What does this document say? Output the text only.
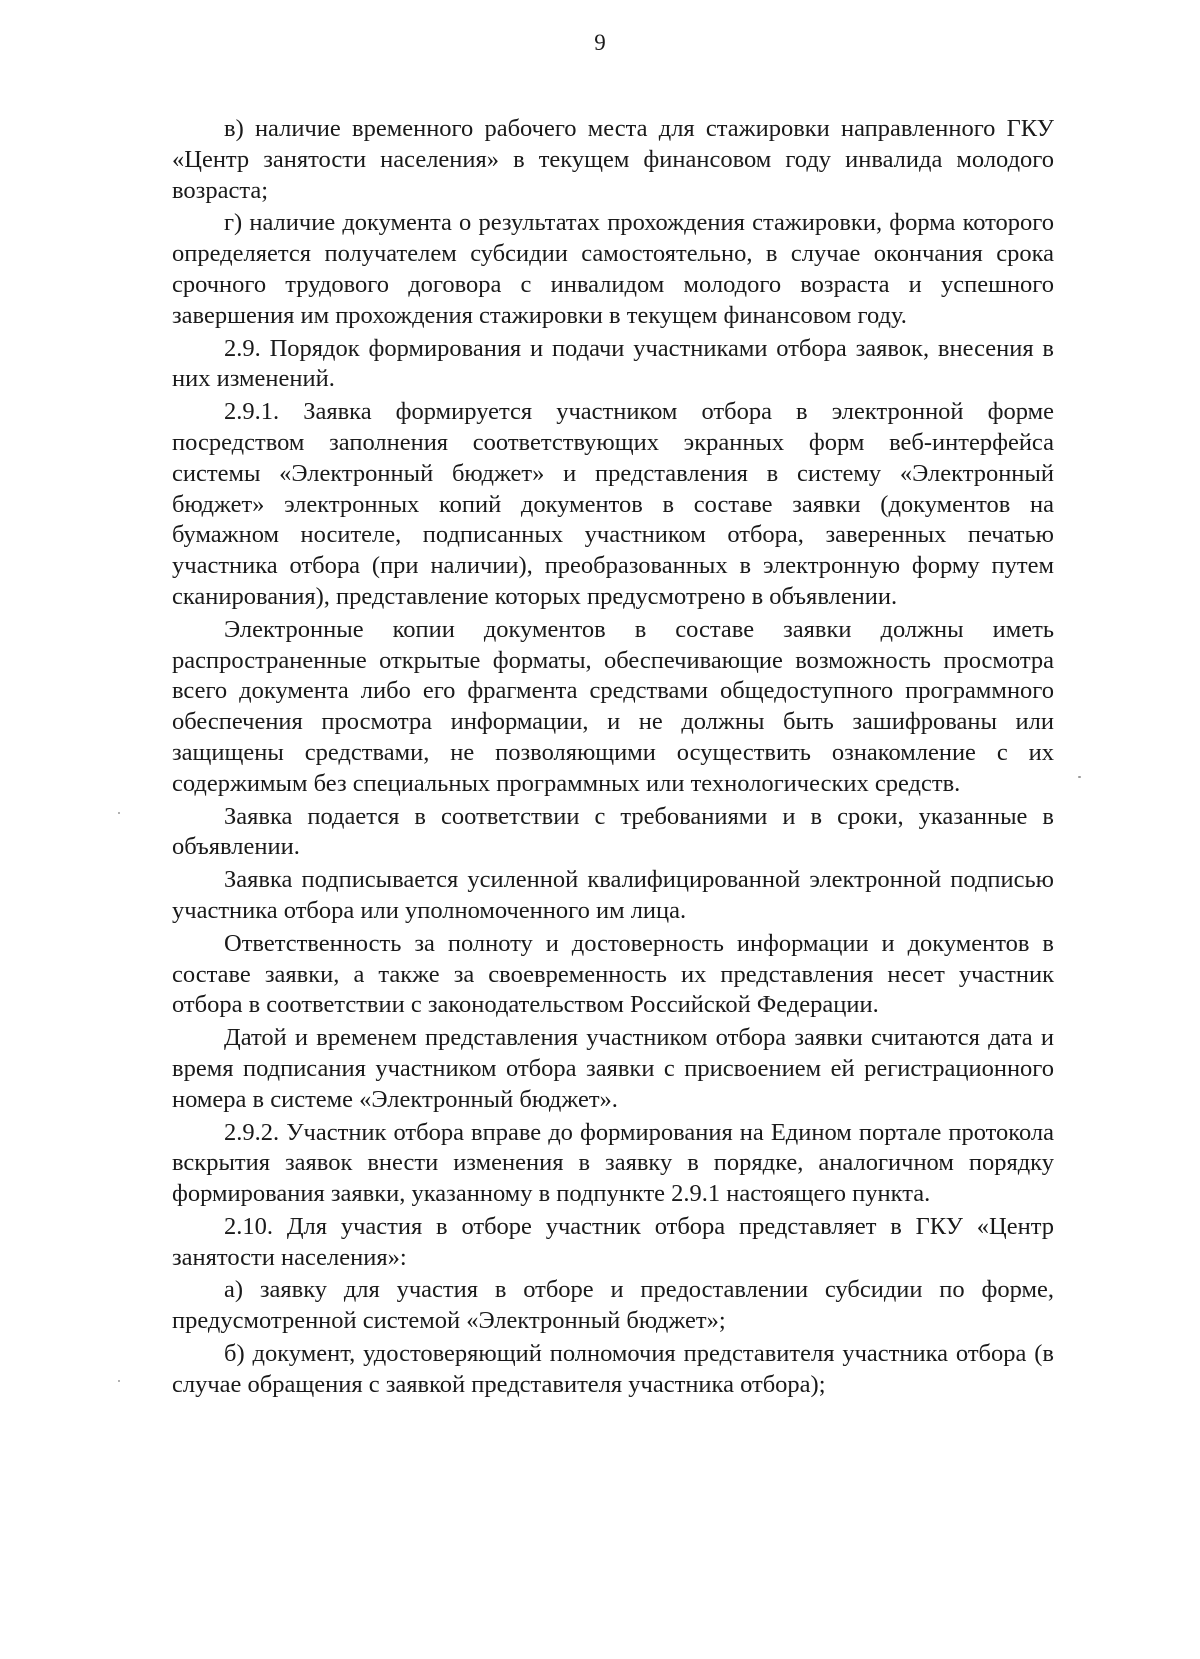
9

в) наличие временного рабочего места для стажировки направленного ГКУ «Центр занятости населения» в текущем финансовом году инвалида молодого возраста;

г) наличие документа о результатах прохождения стажировки, форма которого определяется получателем субсидии самостоятельно, в случае окончания срока срочного трудового договора с инвалидом молодого возраста и успешного завершения им прохождения стажировки в текущем финансовом году.

2.9. Порядок формирования и подачи участниками отбора заявок, внесения в них изменений.

2.9.1. Заявка формируется участником отбора в электронной форме посредством заполнения соответствующих экранных форм веб-интерфейса системы «Электронный бюджет» и представления в систему «Электронный бюджет» электронных копий документов в составе заявки (документов на бумажном носителе, подписанных участником отбора, заверенных печатью участника отбора (при наличии), преобразованных в электронную форму путем сканирования), представление которых предусмотрено в объявлении.

Электронные копии документов в составе заявки должны иметь распространенные открытые форматы, обеспечивающие возможность просмотра всего документа либо его фрагмента средствами общедоступного программного обеспечения просмотра информации, и не должны быть зашифрованы или защищены средствами, не позволяющими осуществить ознакомление с их содержимым без специальных программных или технологических средств.

Заявка подается в соответствии с требованиями и в сроки, указанные в объявлении.

Заявка подписывается усиленной квалифицированной электронной подписью участника отбора или уполномоченного им лица.

Ответственность за полноту и достоверность информации и документов в составе заявки, а также за своевременность их представления несет участник отбора в соответствии с законодательством Российской Федерации.

Датой и временем представления участником отбора заявки считаются дата и время подписания участником отбора заявки с присвоением ей регистрационного номера в системе «Электронный бюджет».

2.9.2. Участник отбора вправе до формирования на Едином портале протокола вскрытия заявок внести изменения в заявку в порядке, аналогичном порядку формирования заявки, указанному в подпункте 2.9.1 настоящего пункта.

2.10. Для участия в отборе участник отбора представляет в ГКУ «Центр занятости населения»:

а) заявку для участия в отборе и предоставлении субсидии по форме, предусмотренной системой «Электронный бюджет»;

б) документ, удостоверяющий полномочия представителя участника отбора (в случае обращения с заявкой представителя участника отбора);
